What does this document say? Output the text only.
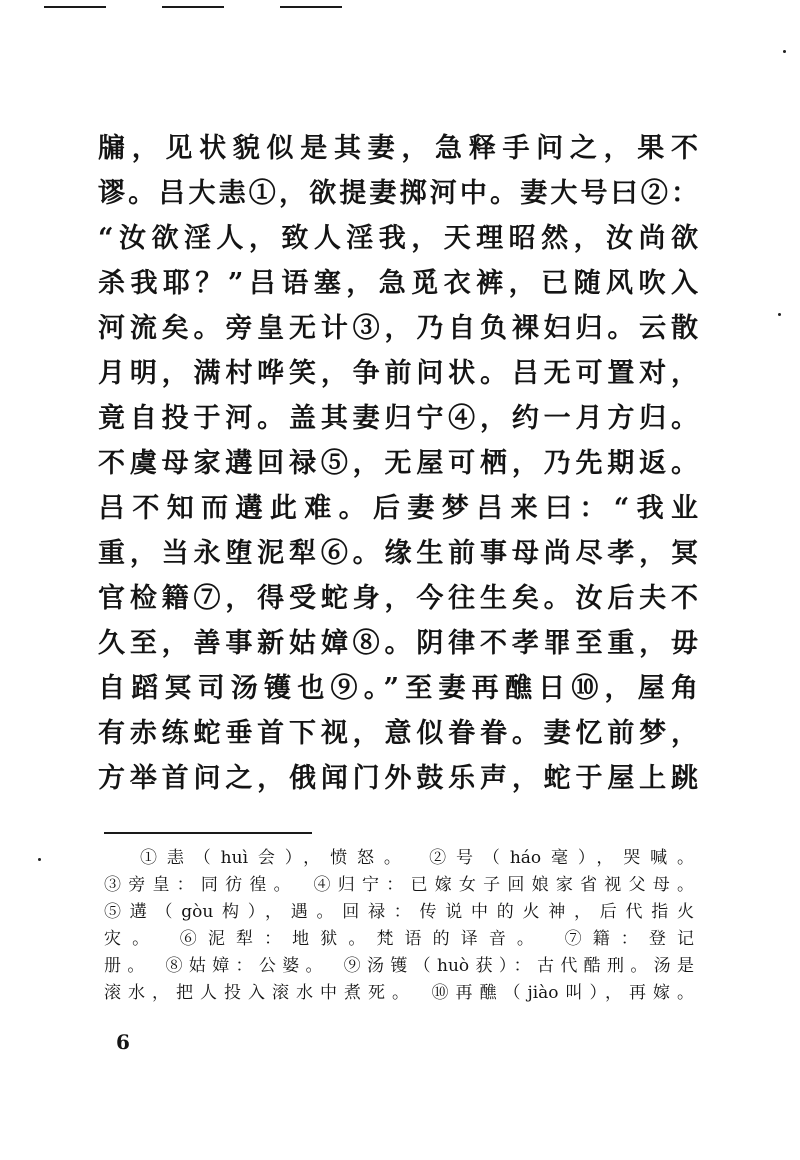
牖，见状貌似是其妻，急释手问之，果不
谬。吕大恚①，欲提妻掷河中。妻大号曰②：
“汝欲淫人，致人淫我，天理昭然，汝尚欲
杀我耶？”吕语塞，急觅衣裤，已随风吹入
河流矣。旁皇无计③，乃自负裸妇归。云散
月明，满村哗笑，争前问状。吕无可置对，
竟自投于河。盖其妻归宁④，约一月方归。
不虞母家遘回禄⑤，无屋可栖，乃先期返。
吕不知而遘此难。后妻梦吕来曰：“我业
重，当永堕泥犁⑥。缘生前事母尚尽孝，冥
官检籍⑦，得受蛇身，今往生矣。汝后夫不
久至，善事新姑嫜⑧。阴律不孝罪至重，毋
自蹈冥司汤镬也⑨。”至妻再醮日⑩，屋角
有赤练蛇垂首下视，意似眷眷。妻忆前梦，
方举首问之，俄闻门外鼓乐声，蛇于屋上跳
①恚（huì会），愤怒。　②号（háo毫），哭喊。
③旁皇：同彷徨。　④归宁：已嫁女子回娘家省视父母。
⑤遘（gòu构），遇。回禄：传说中的火神，后代指火
灾。　⑥泥犁：地狱。梵语的译音。　⑦籍：登记
册。　⑧姑嫜：公婆。　⑨汤镬（huò获）：古代酷刑。汤是
滚水，把人投入滚水中煮死。　⑩再醮（jiào叫），再嫁。
6
